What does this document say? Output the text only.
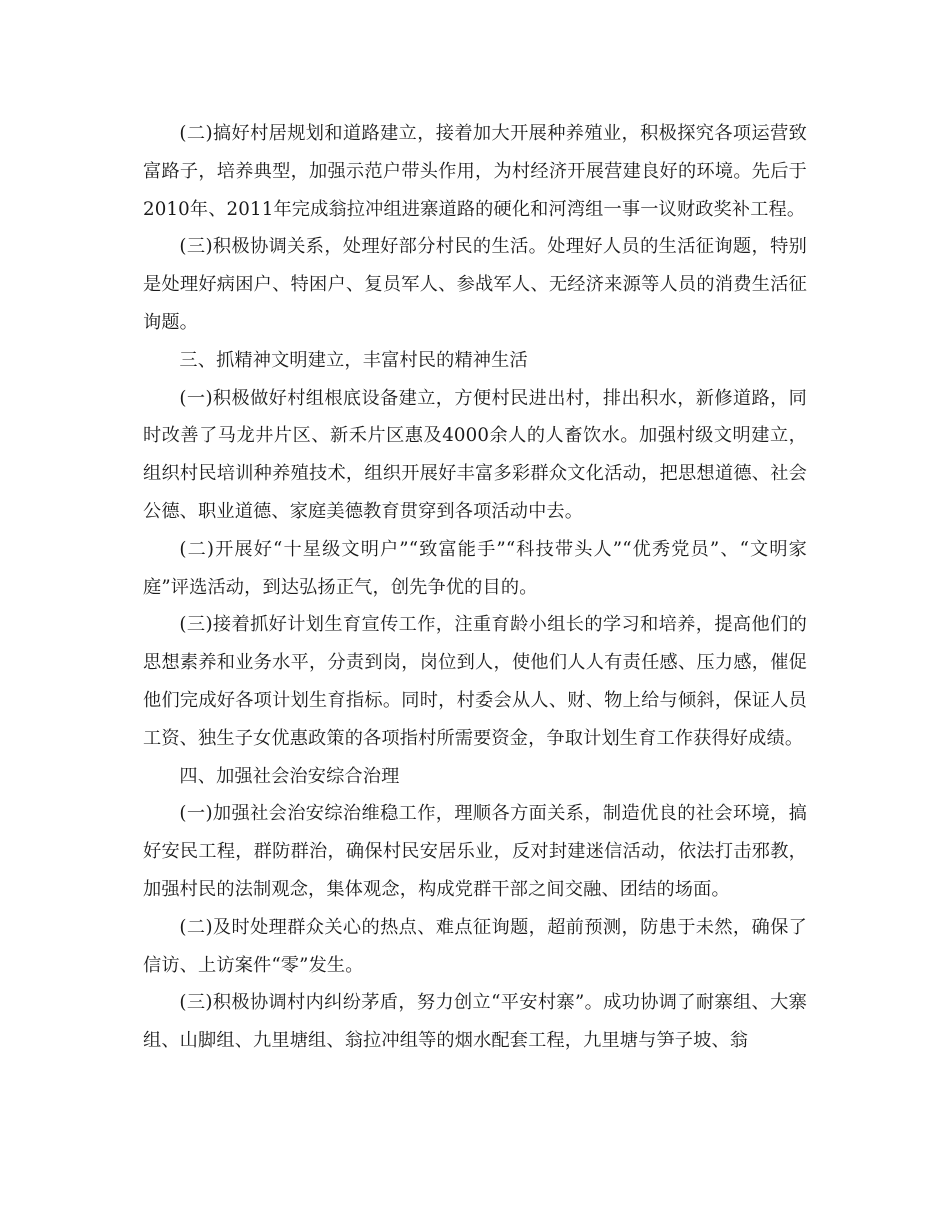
(二)搞好村居规划和道路建立，接着加大开展种养殖业，积极探究各项运营致富路子，培养典型，加强示范户带头作用，为村经济开展营建良好的环境。先后于2010年、2011年完成翁拉冲组进寨道路的硬化和河湾组一事一议财政奖补工程。

(三)积极协调关系，处理好部分村民的生活。处理好人员的生活征询题，特别是处理好病困户、特困户、复员军人、参战军人、无经济来源等人员的消费生活征询题。

三、抓精神文明建立，丰富村民的精神生活

(一)积极做好村组根底设备建立，方便村民进出村，排出积水，新修道路，同时改善了马龙井片区、新禾片区惠及4000余人的人畜饮水。加强村级文明建立，组织村民培训种养殖技术，组织开展好丰富多彩群众文化活动，把思想道德、社会公德、职业道德、家庭美德教育贯穿到各项活动中去。

(二)开展好“十星级文明户”“致富能手”“科技带头人”“优秀党员”、“文明家庭”评选活动，到达弘扬正气，创先争优的目的。

(三)接着抓好计划生育宣传工作，注重育龄小组长的学习和培养，提高他们的思想素养和业务水平，分责到岗，岗位到人，使他们人人有责任感、压力感，催促他们完成好各项计划生育指标。同时，村委会从人、财、物上给与倾斜，保证人员工资、独生子女优惠政策的各项指村所需要资金，争取计划生育工作获得好成绩。

四、加强社会治安综合治理

(一)加强社会治安综治维稳工作，理顺各方面关系，制造优良的社会环境，搞好安民工程，群防群治，确保村民安居乐业，反对封建迷信活动，依法打击邪教，加强村民的法制观念，集体观念，构成党群干部之间交融、团结的场面。

(二)及时处理群众关心的热点、难点征询题，超前预测，防患于未然，确保了信访、上访案件“零”发生。

(三)积极协调村内纠纷茅盾，努力创立“平安村寨”。成功协调了耐寨组、大寨组、山脚组、九里塘组、翁拉冲组等的烟水配套工程，九里塘与笋子坡、翁
